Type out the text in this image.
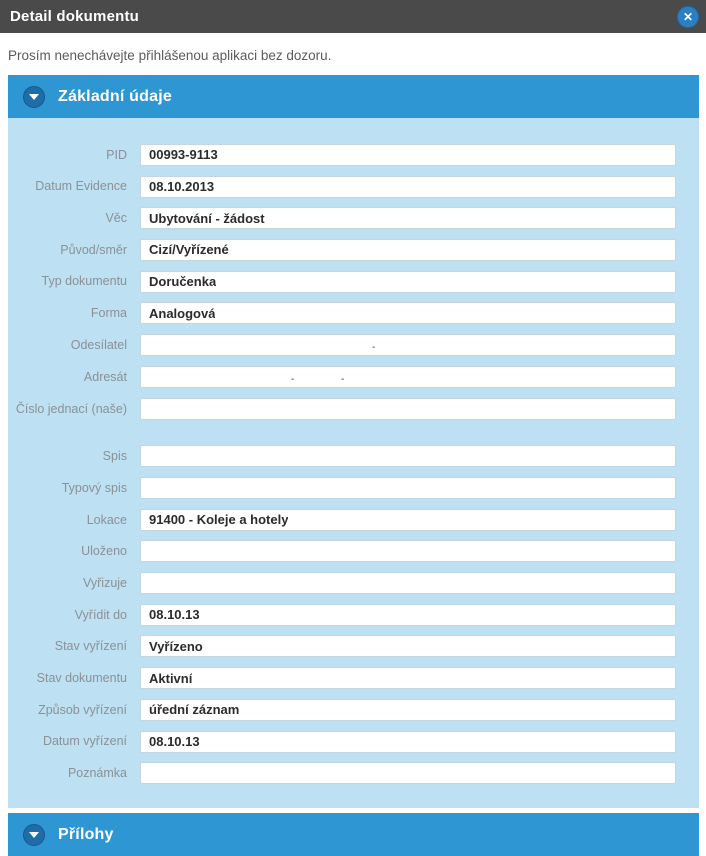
Detail dokumentu	✕
Prosím nenechávejte přihlášenou aplikaci bez dozoru.
Základní údaje
PID	00993-9113
Datum Evidence	08.10.2013
Věc	Ubytování - žádost
Původ/směr	Cizí/Vyřízené
Typ dokumentu	Doručenka
Forma	Analogová
Odesílatel	-
Adresát	-	-
Číslo jednací (naše)
Spis
Typový spis
Lokace	91400 - Koleje a hotely
Uloženo
Vyřizuje
Vyřídit do	08.10.13
Stav vyřízení	Vyřízeno
Stav dokumentu	Aktivní
Způsob vyřízení	úřední záznam
Datum vyřízení	08.10.13
Poznámka
Přílohy
